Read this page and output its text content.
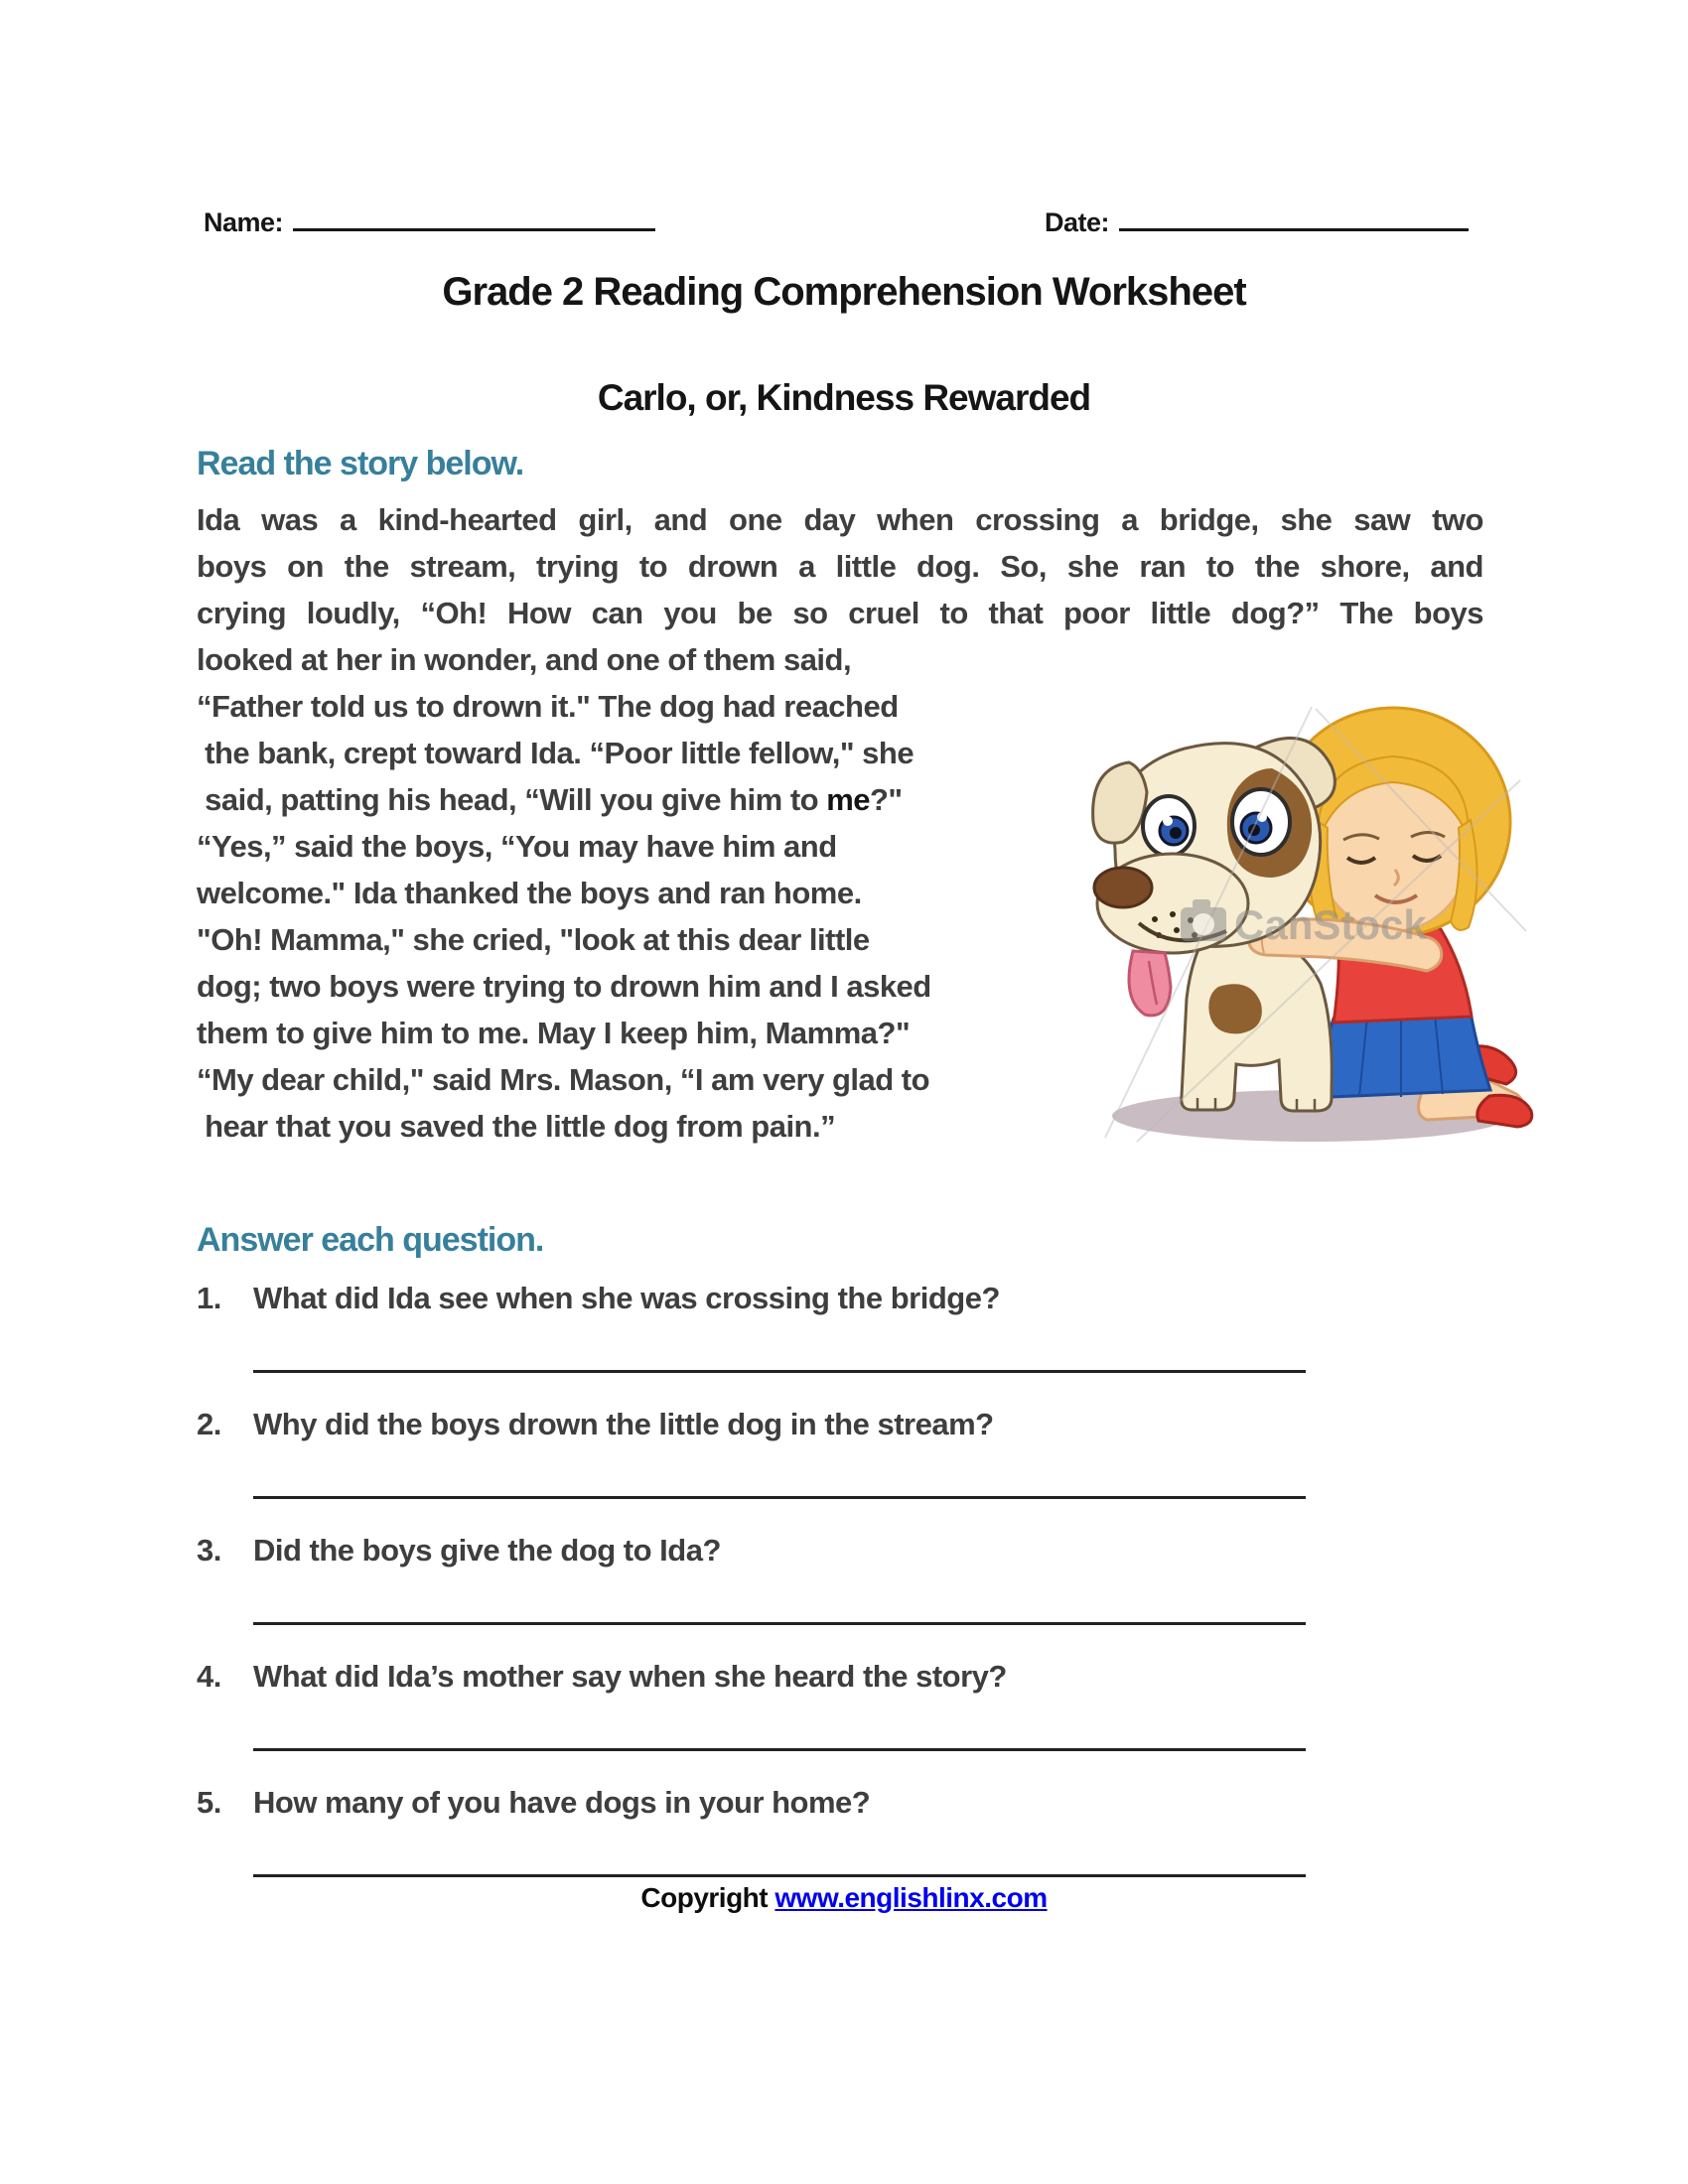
Name:	Date:
Grade 2 Reading Comprehension Worksheet
Carlo, or, Kindness Rewarded
Read the story below.
Ida was a kind-hearted girl, and one day when crossing a bridge, she saw two
boys on the stream, trying to drown a little dog. So, she ran to the shore, and
crying loudly, “Oh! How can you be so cruel to that poor little dog?” The boys
looked at her in wonder, and one of them said,
“Father told us to drown it." The dog had reached
the bank, crept toward Ida. “Poor little fellow," she
said, patting his head, “Will you give him to me?"
“Yes,” said the boys, “You may have him and
welcome." Ida thanked the boys and ran home.
"Oh! Mamma," she cried, "look at this dear little
dog; two boys were trying to drown him and I asked
them to give him to me. May I keep him, Mamma?"
“My dear child," said Mrs. Mason, “I am very glad to
hear that you saved the little dog from pain.”
CanStock
Answer each question.
1.	What did Ida see when she was crossing the bridge?
2.	Why did the boys drown the little dog in the stream?
3.	Did the boys give the dog to Ida?
4.	What did Ida’s mother say when she heard the story?
5.	How many of you have dogs in your home?
Copyright www.englishlinx.com
